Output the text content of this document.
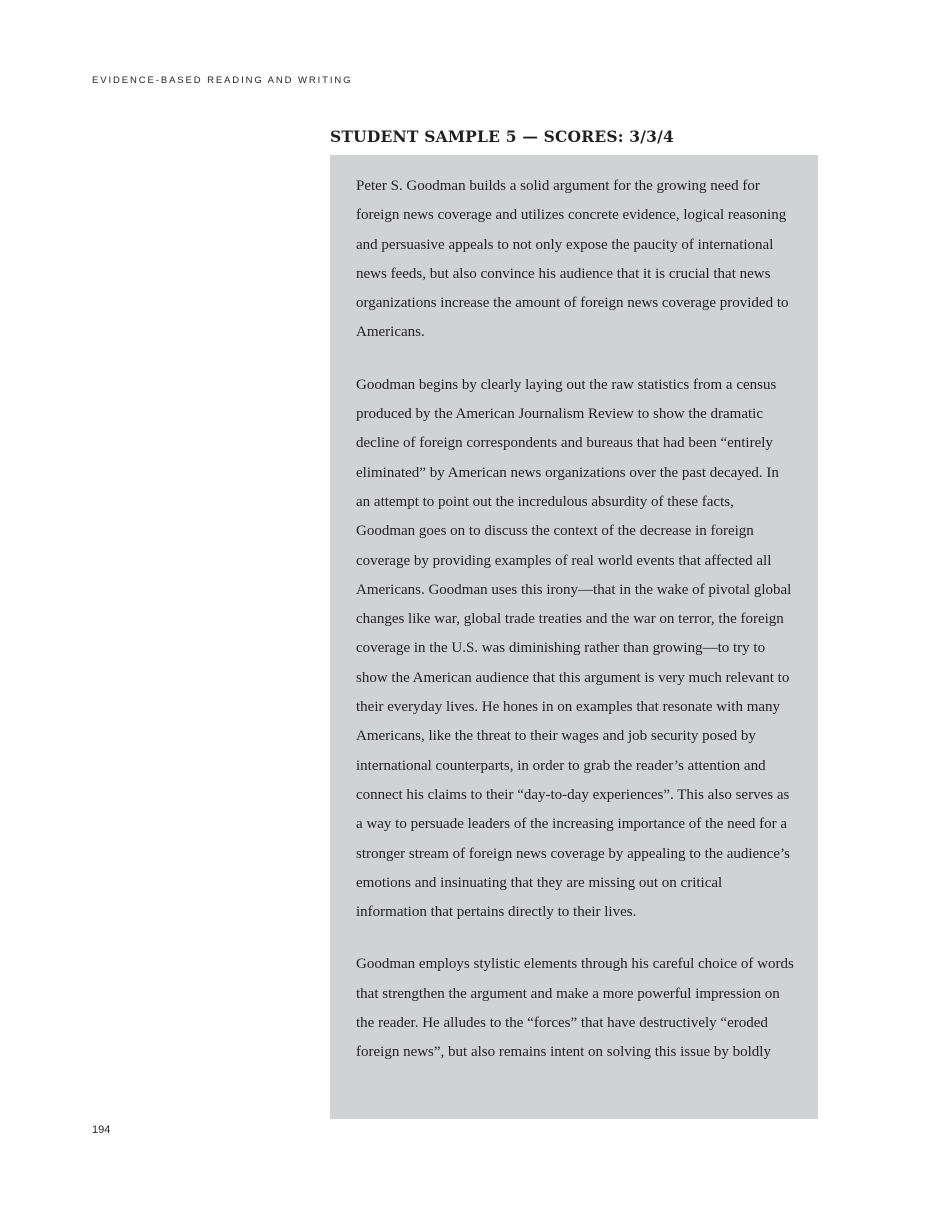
EVIDENCE-BASED READING AND WRITING
STUDENT SAMPLE 5 — SCORES: 3/3/4

Peter S. Goodman builds a solid argument for the growing need for foreign news coverage and utilizes concrete evidence, logical reasoning and persuasive appeals to not only expose the paucity of international news feeds, but also convince his audience that it is crucial that news organizations increase the amount of foreign news coverage provided to Americans.

Goodman begins by clearly laying out the raw statistics from a census produced by the American Journalism Review to show the dramatic decline of foreign correspondents and bureaus that had been “entirely eliminated” by American news organizations over the past decayed. In an attempt to point out the incredulous absurdity of these facts, Goodman goes on to discuss the context of the decrease in foreign coverage by providing examples of real world events that affected all Americans. Goodman uses this irony—that in the wake of pivotal global changes like war, global trade treaties and the war on terror, the foreign coverage in the U.S. was diminishing rather than growing—to try to show the American audience that this argument is very much relevant to their everyday lives. He hones in on examples that resonate with many Americans, like the threat to their wages and job security posed by international counterparts, in order to grab the reader’s attention and connect his claims to their “day-to-day experiences”. This also serves as a way to persuade leaders of the increasing importance of the need for a stronger stream of foreign news coverage by appealing to the audience’s emotions and insinuating that they are missing out on critical information that pertains directly to their lives.

Goodman employs stylistic elements through his careful choice of words that strengthen the argument and make a more powerful impression on the reader. He alludes to the “forces” that have destructively “eroded foreign news”, but also remains intent on solving this issue by boldly

194
